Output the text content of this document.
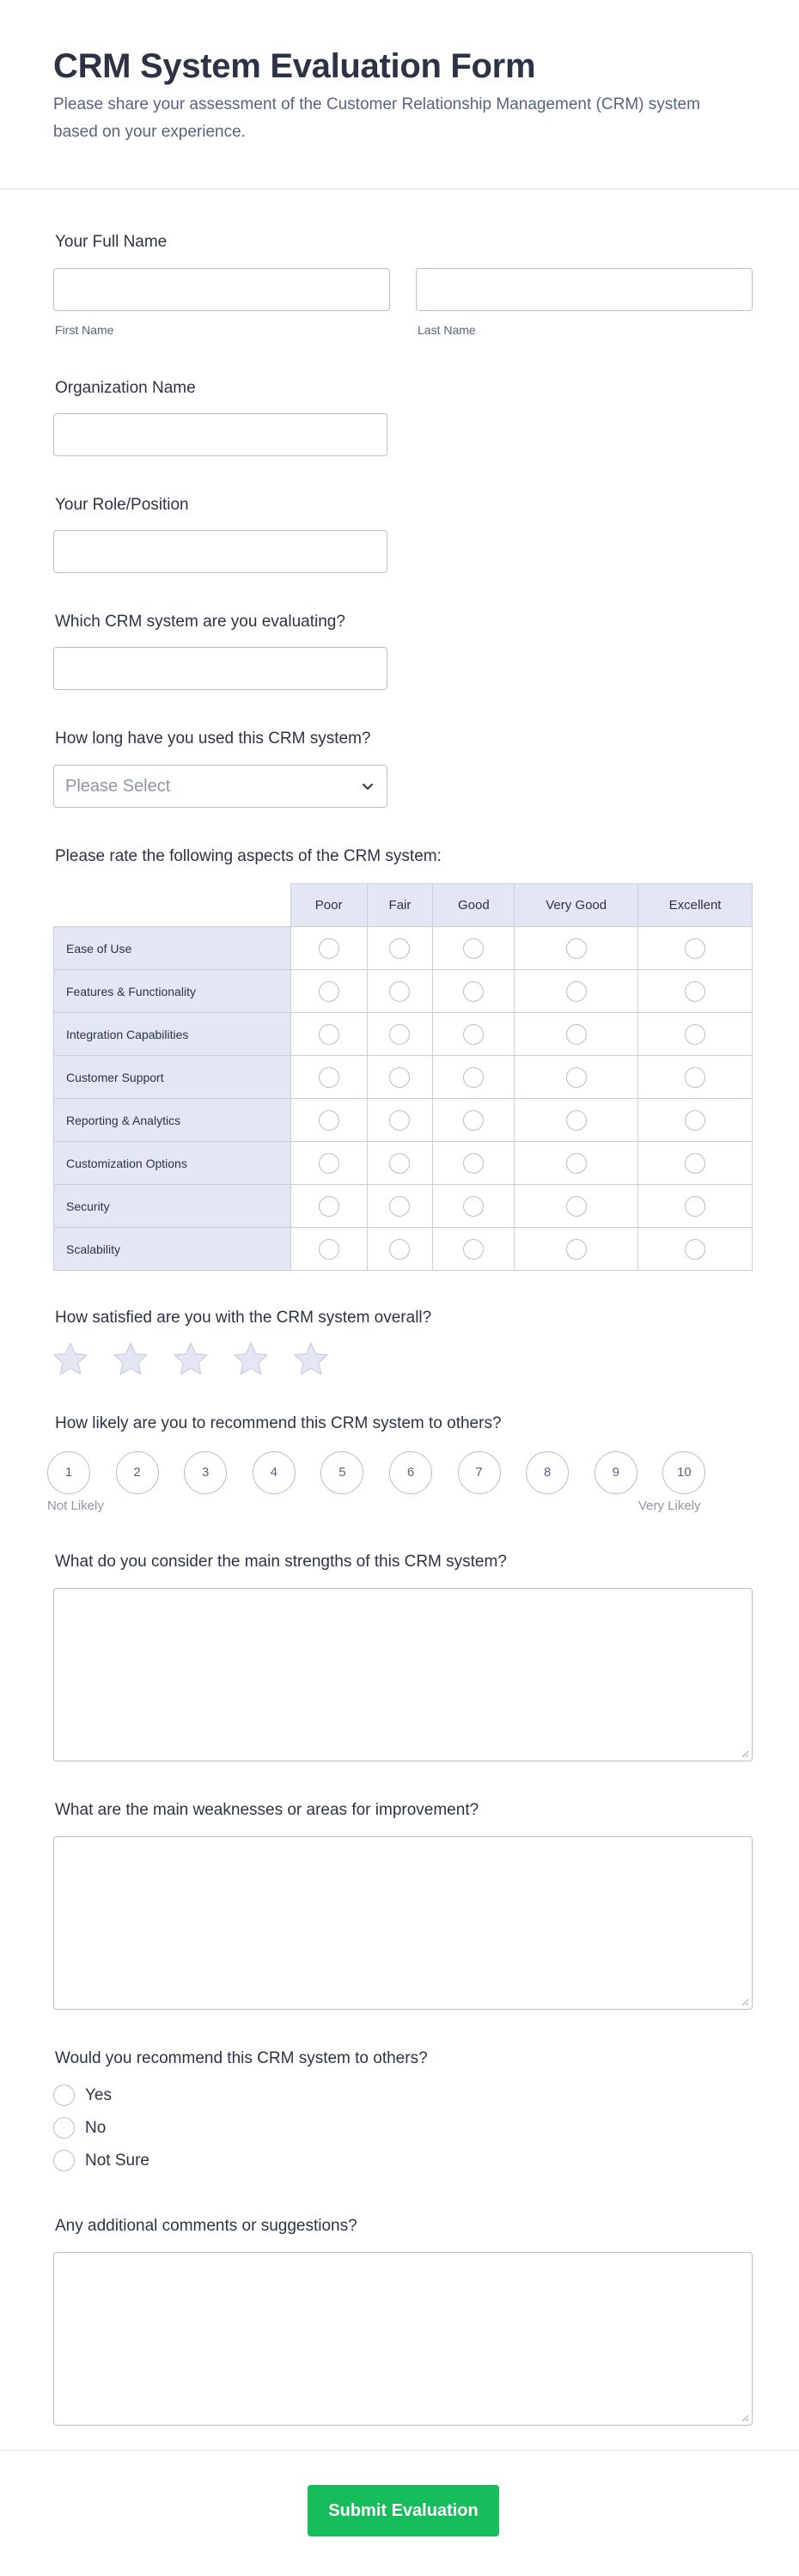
CRM System Evaluation Form
Please share your assessment of the Customer Relationship Management (CRM) system based on your experience.
Your Full Name
First Name	Last Name
Organization Name
Your Role/Position
Which CRM system are you evaluating?
How long have you used this CRM system?
Please Select
Please rate the following aspects of the CRM system:
	Poor	Fair	Good	Very Good	Excellent
Ease of Use					
Features & Functionality					
Integration Capabilities					
Customer Support					
Reporting & Analytics					
Customization Options					
Security					
Scalability					
How satisfied are you with the CRM system overall?
How likely are you to recommend this CRM system to others?
1	2	3	4	5	6	7	8	9	10
Not Likely	Very Likely
What do you consider the main strengths of this CRM system?
What are the main weaknesses or areas for improvement?
Would you recommend this CRM system to others?
Yes
No
Not Sure
Any additional comments or suggestions?
Submit Evaluation
